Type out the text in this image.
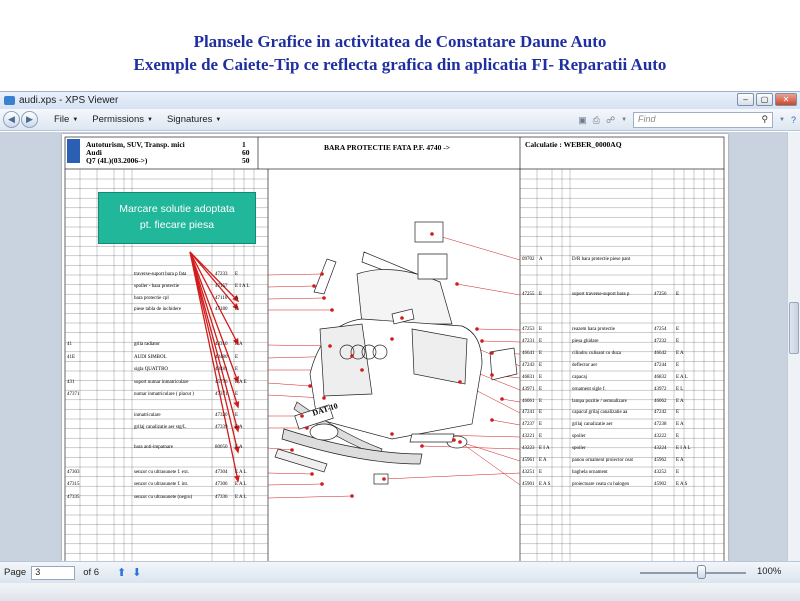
Plansele Grafice in activitatea de Constatare Daune Auto
Exemple de Caiete-Tip ce reflecta grafica din aplicatia FI- Reparatii Auto
audi.xps - XPS Viewer	–	▢	✕
◀	▶	File ▼ Permissions ▼ Signatures ▼	▣ ⎙ ☍ ▼ Find	⚲ ▼ ?
Autoturism, SUV, Transp. mici
Audi
Q7 (4L)(03.2006->)
1
60
50
BARA PROTECTIE FATA P.F. 4740 ->	Calculatie : WEBER_0000AQ
Marcare solutie adoptata
pt. fiecare piesa
traverse-suport bara p fata	47233 E
spoiler - bara protectie	47157 E I A L
bara protectie cpl	47110 A
piese tabla de inchidere	47180 E
41	grila radiator	43310 E A
41E	AUDI SIMBOL	43480 E
sigla QUATTRO	43481 E
431	suport numar inmatriculare	45776 E A E
47371	numar inmatriculare ( placut )	47371 E
inmatriculare	47320 E
grilaj canalizatie aer stg/L	47339 E A
bara anti-impatnare	80050 E A
47303	senzor cu ultrasunete f. ext.	47304 E A L
47315	senzor cu ultrasunete f. int.	47306 E A L
47335	senzor cu ultrasunete (negru)	47336 E A L
09702 A	D/R bara protectie piese pant
47255 E	suport traverse-suport bara p	47256 E
47253 E	reazem bara protectie	47254 E
47231 E	piesa ghidare	47232 E
46641 E	cilindru culisant cu duza	46642 E A
47243 E	deflector aer	47244 E
46831 E	capacaj	46832 E A L
43971 E	ornament sigle f.	43972 E L
46061 E	lampa pozitie / semnalizare	46062 E A
47241 E	capacul grilaj canalizatie aa	47242 E
47237 E	grilaj canalizatie aer	47238 E A
43221 E	spoiler	43222 E
43223 E I A	spoiler	43224 E I A L
45961 E A	panou ornament proiector ceat	45962 E A
43251 E	baghela ornament	43252 E
45901 E A S	proiectoare ceata cu halogen	45902 E A S
DAT-10
Page	3	of 6 ⬆ ⬇	100%
